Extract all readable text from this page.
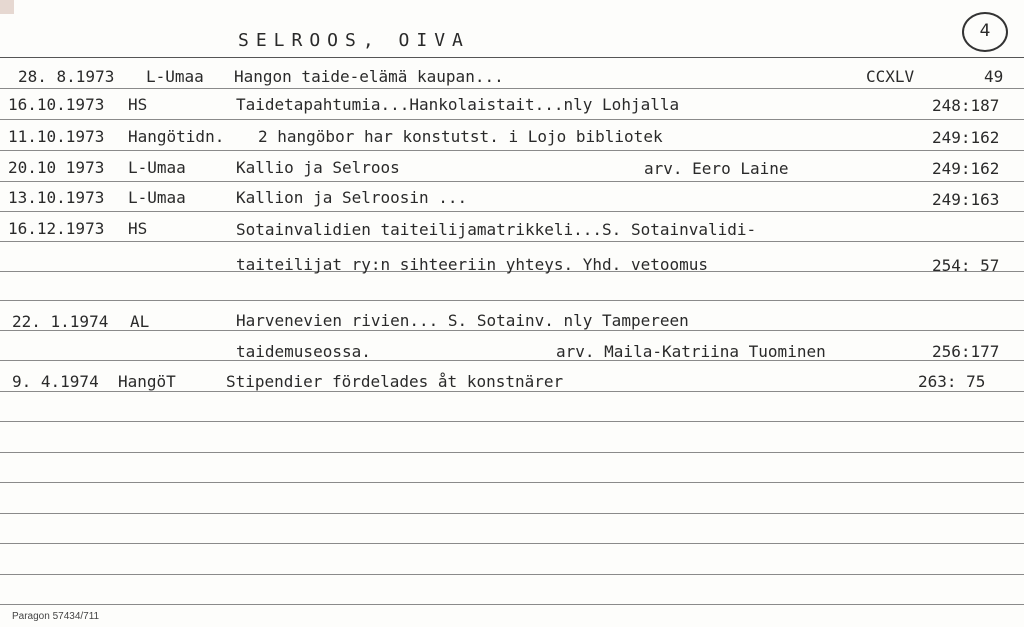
SELROOS, OIVA	4
28. 8.1973 L-Umaa Hangon taide-elämä kaupan...	CCXLV	49
16.10.1973 HS	Taidetapahtumia...Hankolaistait...nly Lohjalla	248:187
11.10.1973 Hangötidn. 2 hangöbor har konstutst. i Lojo bibliotek	249:162
20.10 1973 L-Umaa	Kallio ja Selroos	arv. Eero Laine	249:162
13.10.1973 L-Umaa	Kallion ja Selroosin ...	249:163
16.12.1973 HS	Sotainvalidien taiteilijamatrikkeli...S. Sotainvalidi-
taiteilijat ry:n sihteeriin yhteys. Yhd. vetoomus	254: 57
22. 1.1974 AL	Harvenevien rivien... S. Sotainv. nly Tampereen
taidemuseossa.	arv. Maila-Katriina Tuominen	256:177
9. 4.1974 HangöT	Stipendier fördelades åt konstnärer	263: 75
Paragon 57434/711
